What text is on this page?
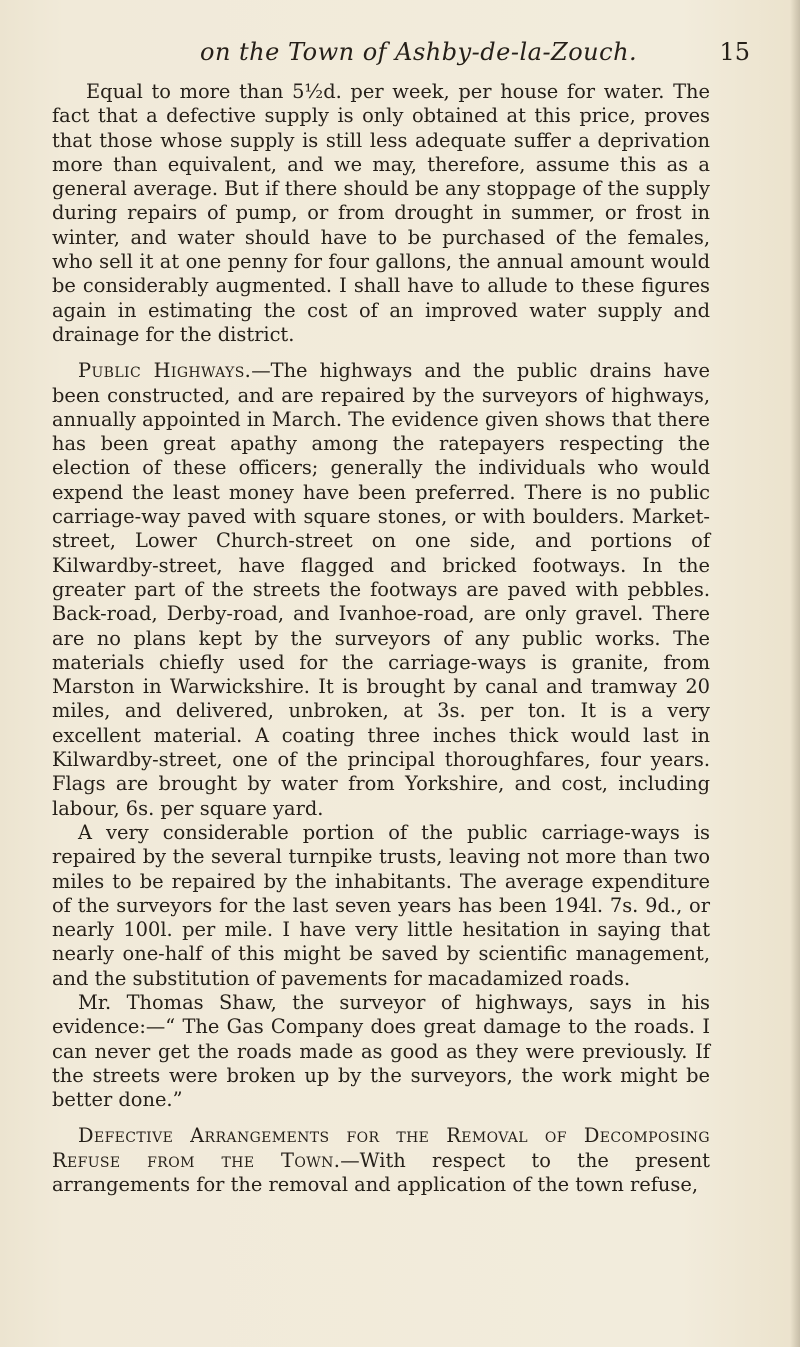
on the Town of Ashby-de-la-Zouch.	15

Equal to more than 5½d. per week, per house for water. The fact that a defective supply is only obtained at this price, proves that those whose supply is still less adequate suffer a deprivation more than equivalent, and we may, therefore, assume this as a general average. But if there should be any stoppage of the supply during repairs of pump, or from drought in summer, or frost in winter, and water should have to be purchased of the females, who sell it at one penny for four gallons, the annual amount would be considerably augmented. I shall have to allude to these figures again in estimating the cost of an improved water supply and drainage for the district.

Public Highways.—The highways and the public drains have been constructed, and are repaired by the surveyors of highways, annually appointed in March. The evidence given shows that there has been great apathy among the ratepayers respecting the election of these officers; generally the individuals who would expend the least money have been preferred. There is no public carriage-way paved with square stones, or with boulders. Market-street, Lower Church-street on one side, and portions of Kilwardby-street, have flagged and bricked footways. In the greater part of the streets the footways are paved with pebbles. Back-road, Derby-road, and Ivanhoe-road, are only gravel. There are no plans kept by the surveyors of any public works. The materials chiefly used for the carriage-ways is granite, from Marston in Warwickshire. It is brought by canal and tramway 20 miles, and delivered, unbroken, at 3s. per ton. It is a very excellent material. A coating three inches thick would last in Kilwardby-street, one of the principal thoroughfares, four years. Flags are brought by water from Yorkshire, and cost, including labour, 6s. per square yard.

A very considerable portion of the public carriage-ways is repaired by the several turnpike trusts, leaving not more than two miles to be repaired by the inhabitants. The average expenditure of the surveyors for the last seven years has been 194l. 7s. 9d., or nearly 100l. per mile. I have very little hesitation in saying that nearly one-half of this might be saved by scientific management, and the substitution of pavements for macadamized roads.

Mr. Thomas Shaw, the surveyor of highways, says in his evidence:—“ The Gas Company does great damage to the roads. I can never get the roads made as good as they were previously. If the streets were broken up by the surveyors, the work might be better done.”

Defective Arrangements for the Removal of Decomposing Refuse from the Town.—With respect to the present arrangements for the removal and application of the town refuse,
